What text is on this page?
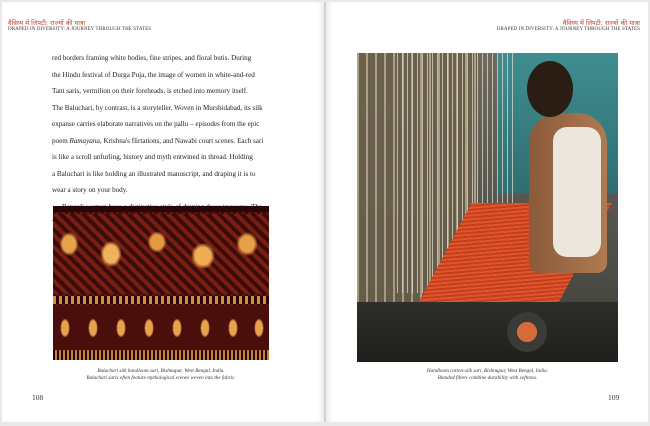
वैविध्य में लिपटी: राज्यों की यात्रा
DRAPED IN DIVERSITY: A JOURNEY THROUGH THE STATES
वैविध्य में लिपटी: राज्यों की यात्रा
DRAPED IN DIVERSITY: A JOURNEY THROUGH THE STATES

red borders framing white bodies, fine stripes, and floral butis. During
the Hindu festival of Durga Puja, the image of women in white-and-red
Tant saris, vermilion on their foreheads, is etched into memory itself.
The Baluchari, by contrast, is a storyteller. Woven in Murshidabad, its silk
expanse carries elaborate narratives on the pallu – episodes from the epic
poem Ramayana, Krishna's flirtations, and Nawabi court scenes. Each sari
is like a scroll unfurling, history and myth entwined in thread. Holding
a Baluchari is like holding an illustrated manuscript, and draping it is to
wear a story on your body.

Baluchari silk handloom sari, Bishnupur, West Bengal, India.
Baluchari saris often feature mythological scenes woven into the fabric.
Handloom cotton-silk sari, Bishnupur, West Bengal, India.
Blended fibres combine durability with softness.
108	109
